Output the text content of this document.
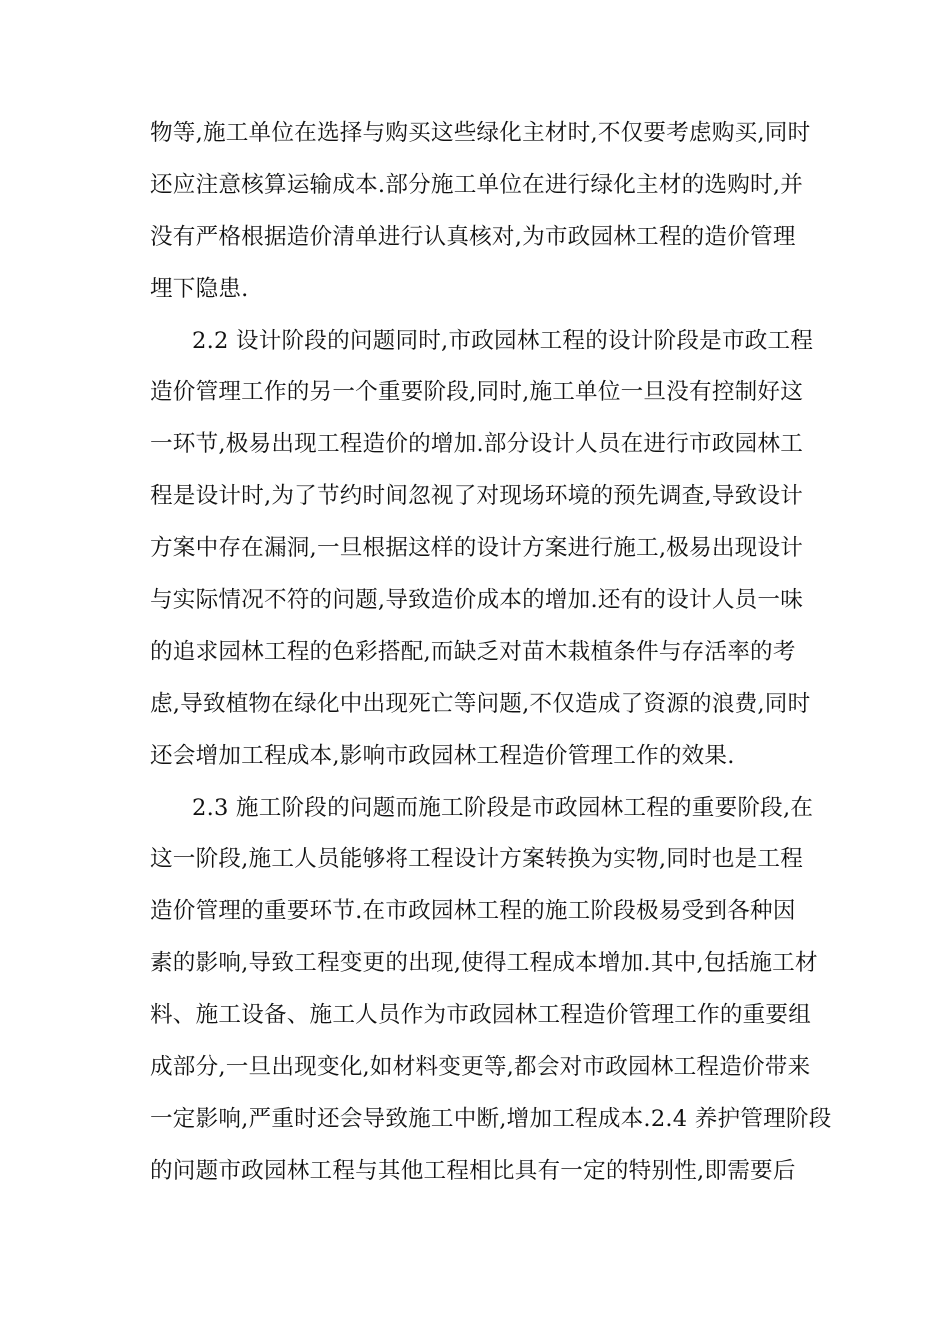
物等,施工单位在选择与购买这些绿化主材时,不仅要考虑购买,同时
还应注意核算运输成本.部分施工单位在进行绿化主材的选购时,并
没有严格根据造价清单进行认真核对,为市政园林工程的造价管理
埋下隐患.
2.2 设计阶段的问题同时,市政园林工程的设计阶段是市政工程
造价管理工作的另一个重要阶段,同时,施工单位一旦没有控制好这
一环节,极易出现工程造价的增加.部分设计人员在进行市政园林工
程是设计时,为了节约时间忽视了对现场环境的预先调查,导致设计
方案中存在漏洞,一旦根据这样的设计方案进行施工,极易出现设计
与实际情况不符的问题,导致造价成本的增加.还有的设计人员一味
的追求园林工程的色彩搭配,而缺乏对苗木栽植条件与存活率的考
虑,导致植物在绿化中出现死亡等问题,不仅造成了资源的浪费,同时
还会增加工程成本,影响市政园林工程造价管理工作的效果.
2.3 施工阶段的问题而施工阶段是市政园林工程的重要阶段,在
这一阶段,施工人员能够将工程设计方案转换为实物,同时也是工程
造价管理的重要环节.在市政园林工程的施工阶段极易受到各种因
素的影响,导致工程变更的出现,使得工程成本增加.其中,包括施工材
料、施工设备、施工人员作为市政园林工程造价管理工作的重要组
成部分,一旦出现变化,如材料变更等,都会对市政园林工程造价带来
一定影响,严重时还会导致施工中断,增加工程成本.2.4 养护管理阶段
的问题市政园林工程与其他工程相比具有一定的特别性,即需要后
